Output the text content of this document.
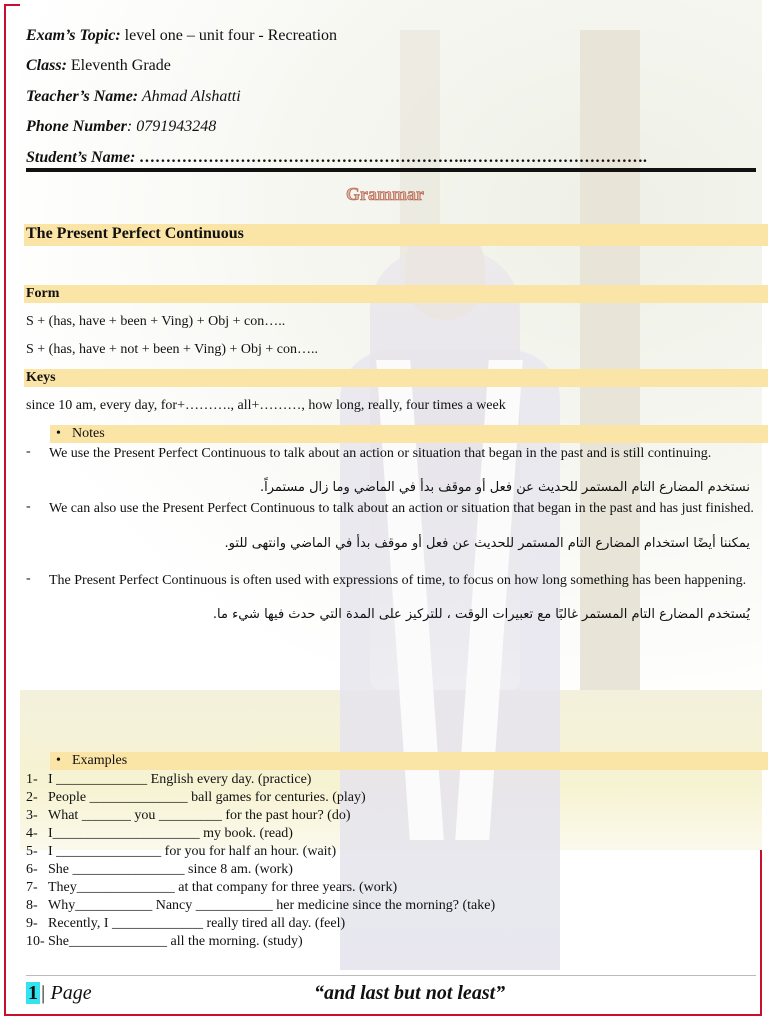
Exam’s Topic: level one – unit four - Recreation
Class: Eleventh Grade
Teacher’s Name: Ahmad Alshatti
Phone Number: 0791943248
Student’s Name: ……………………………………………………..…………………………….
Grammar
The Present Perfect Continuous
Form
S + (has, have + been + Ving) + Obj + con…..
S + (has, have + not + been + Ving) + Obj + con…..
Keys
since 10 am, every day, for+………., all+………, how long, really, four times a week
• Notes
- We use the Present Perfect Continuous to talk about an action or situation that began in the past and is still continuing.
نستخدم المضارع التام المستمر للحديث عن فعل أو موقف بدأ في الماضي وما زال مستمراً.
- We can also use the Present Perfect Continuous to talk about an action or situation that began in the past and has just finished.
يمكننا أيضًا استخدام المضارع التام المستمر للحديث عن فعل أو موقف بدأ في الماضي وانتهى للتو.
- The Present Perfect Continuous is often used with expressions of time, to focus on how long something has been happening.
يُستخدم المضارع التام المستمر غالبًا مع تعبيرات الوقت ، للتركيز على المدة التي حدث فيها شيء ما.
• Examples
1- I _____________ English every day. (practice)
2- People ______________ ball games for centuries. (play)
3- What _______ you _________ for the past hour? (do)
4- I_____________________ my book. (read)
5- I _______________ for you for half an hour. (wait)
6- She ________________ since 8 am. (work)
7- They______________ at that company for three years. (work)
8- Why___________ Nancy ___________ her medicine since the morning? (take)
9- Recently, I _____________ really tired all day. (feel)
10- She______________ all the morning. (study)
1 | Page	“and last but not least”
